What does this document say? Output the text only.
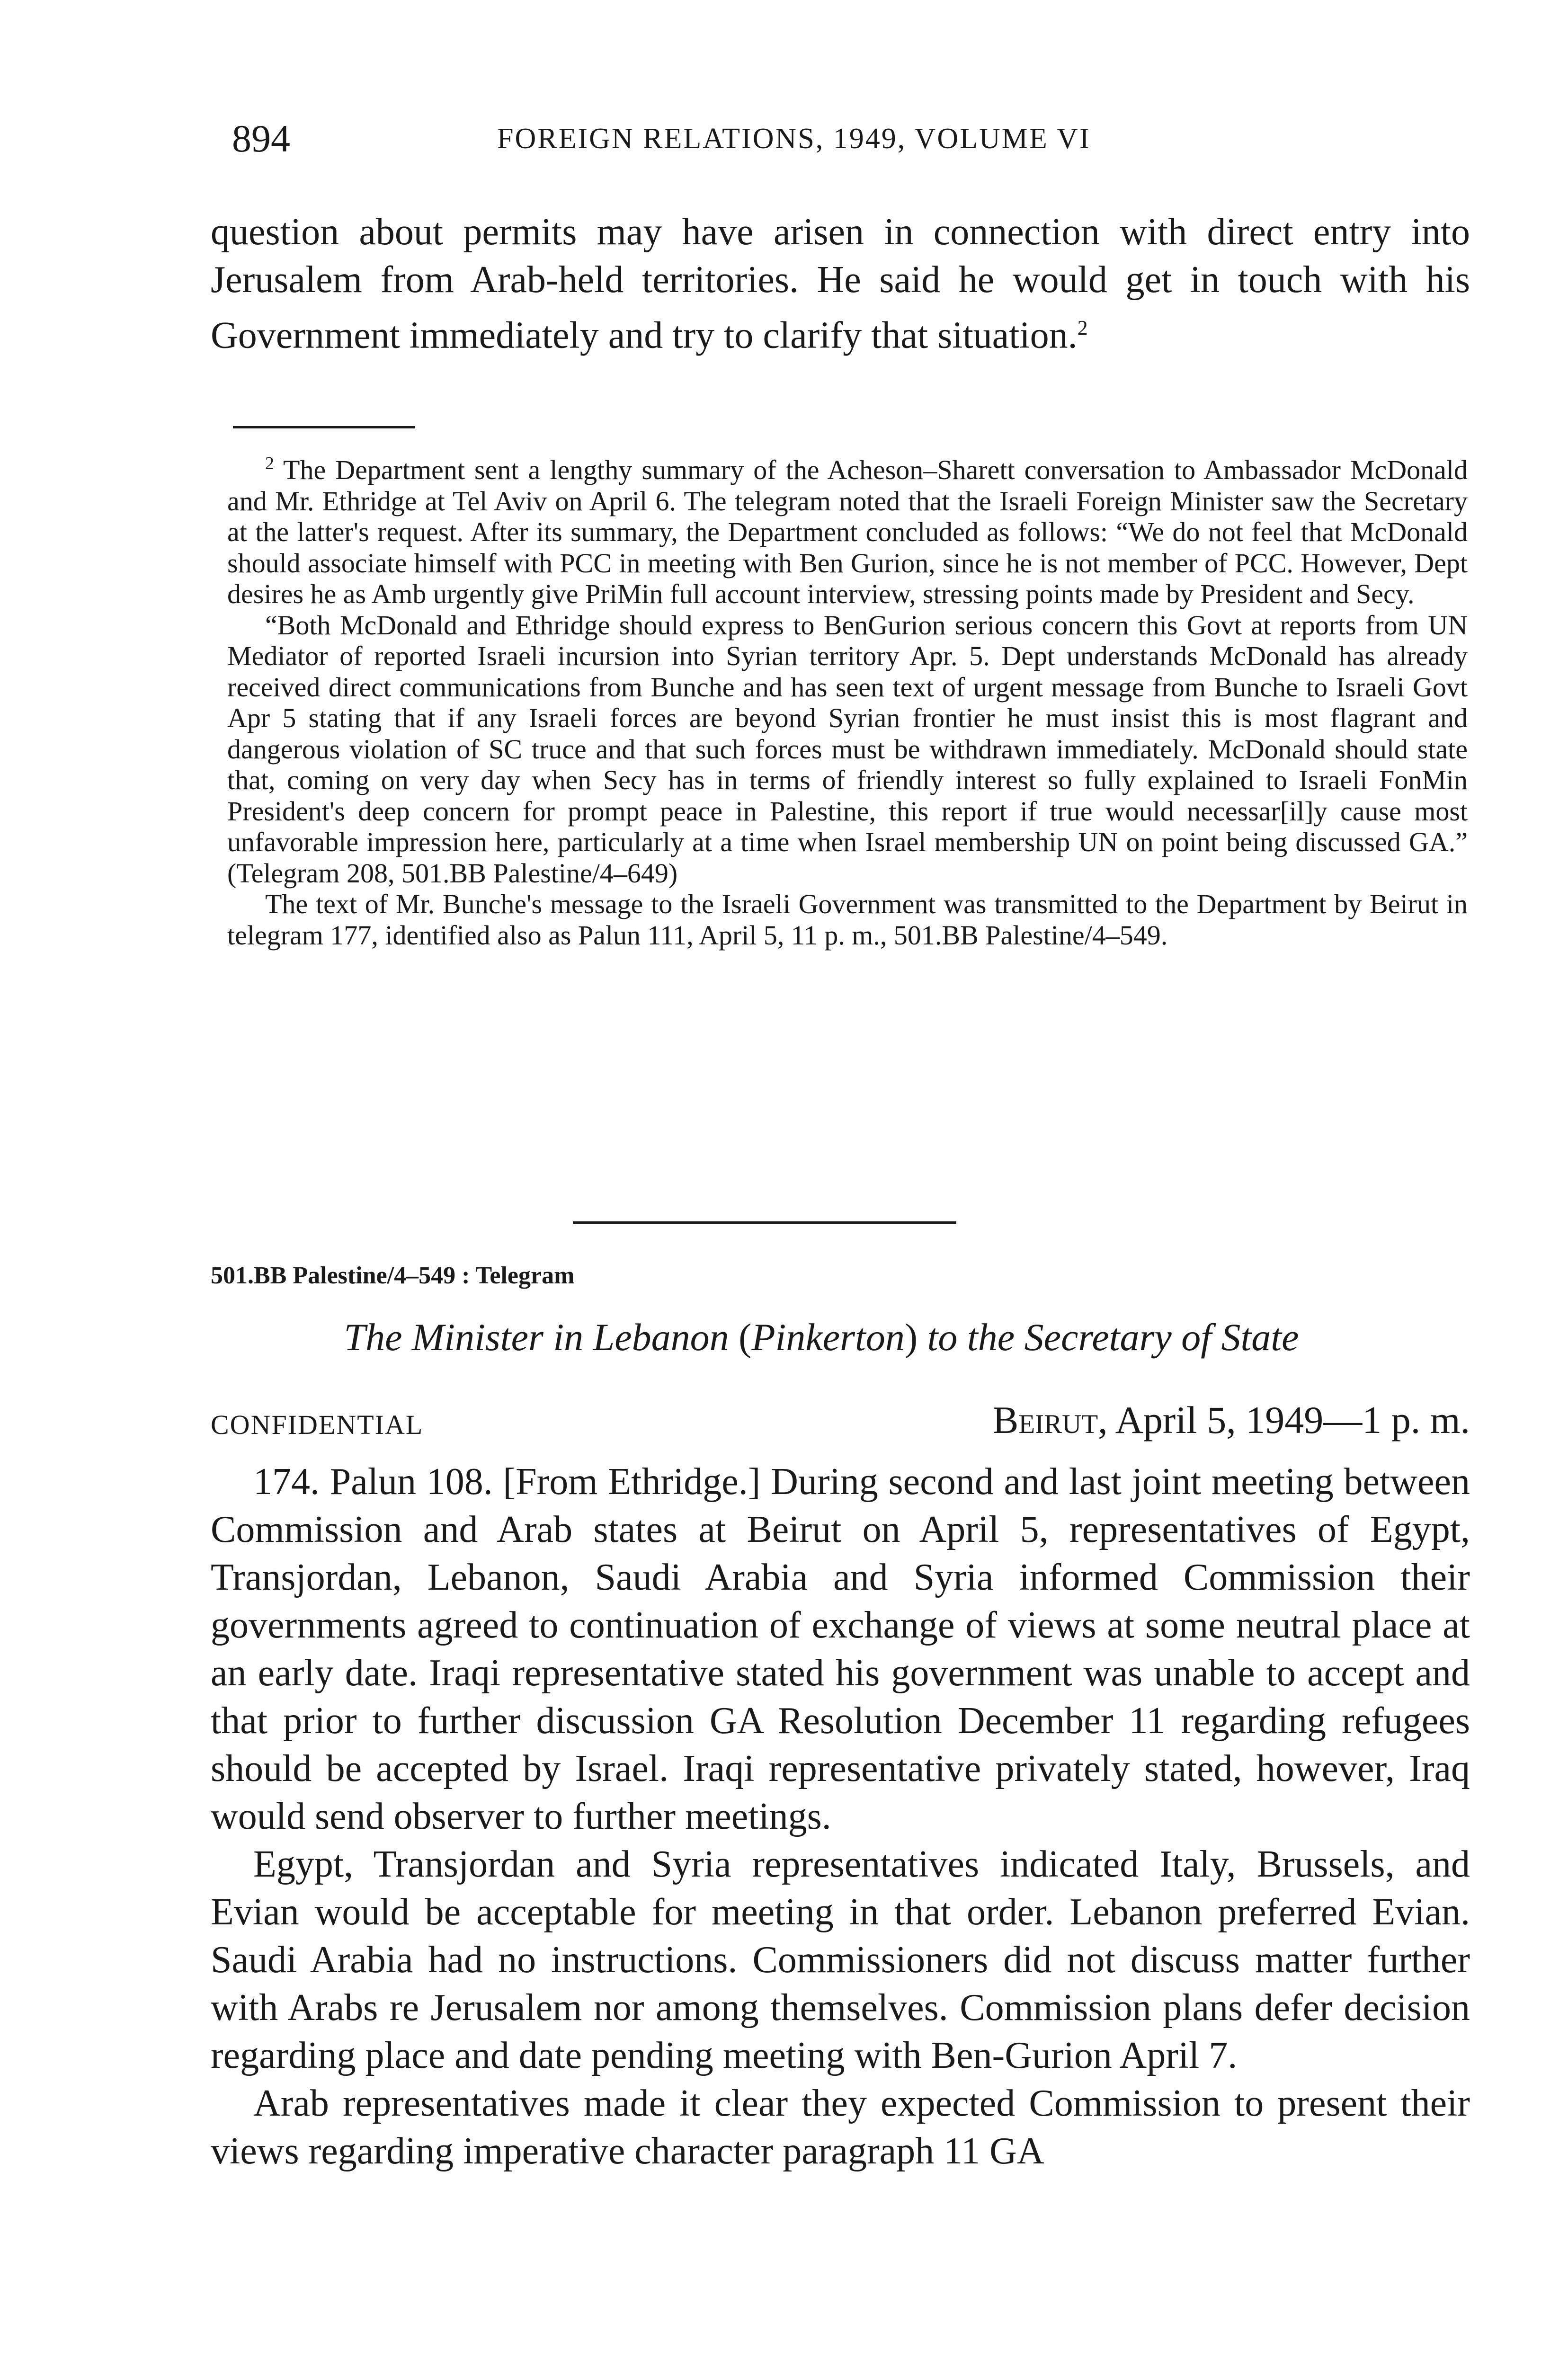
894	FOREIGN RELATIONS, 1949, VOLUME VI

question about permits may have arisen in connection with direct entry into Jerusalem from Arab-held territories. He said he would get in touch with his Government immediately and try to clarify that situation.$^2$

$^2$ The Department sent a lengthy summary of the Acheson–Sharett conversation to Ambassador McDonald and Mr. Ethridge at Tel Aviv on April 6. The telegram noted that the Israeli Foreign Minister saw the Secretary at the latter's request. After its summary, the Department concluded as follows: “We do not feel that McDonald should associate himself with PCC in meeting with Ben Gurion, since he is not member of PCC. However, Dept desires he as Amb urgently give PriMin full account interview, stressing points made by President and Secy.

“Both McDonald and Ethridge should express to BenGurion serious concern this Govt at reports from UN Mediator of reported Israeli incursion into Syrian territory Apr. 5. Dept understands McDonald has already received direct communications from Bunche and has seen text of urgent message from Bunche to Israeli Govt Apr 5 stating that if any Israeli forces are beyond Syrian frontier he must insist this is most flagrant and dangerous violation of SC truce and that such forces must be withdrawn immediately. McDonald should state that, coming on very day when Secy has in terms of friendly interest so fully explained to Israeli FonMin President's deep concern for prompt peace in Palestine, this report if true would necessar[il]y cause most unfavorable impression here, particularly at a time when Israel membership UN on point being discussed GA.” (Telegram 208, 501.BB Palestine/4–649)

The text of Mr. Bunche's message to the Israeli Government was transmitted to the Department by Beirut in telegram 177, identified also as Palun 111, April 5, 11 p. m., 501.BB Palestine/4–549.

501.BB Palestine/4–549 : Telegram
The Minister in Lebanon (Pinkerton) to the Secretary of State
CONFIDENTIAL	Beirut, April 5, 1949—1 p. m.

174. Palun 108. [From Ethridge.] During second and last joint meeting between Commission and Arab states at Beirut on April 5, representatives of Egypt, Transjordan, Lebanon, Saudi Arabia and Syria informed Commission their governments agreed to continuation of exchange of views at some neutral place at an early date. Iraqi representative stated his government was unable to accept and that prior to further discussion GA Resolution December 11 regarding refugees should be accepted by Israel. Iraqi representative privately stated, however, Iraq would send observer to further meetings.

Egypt, Transjordan and Syria representatives indicated Italy, Brussels, and Evian would be acceptable for meeting in that order. Lebanon preferred Evian. Saudi Arabia had no instructions. Commissioners did not discuss matter further with Arabs re Jerusalem nor among themselves. Commission plans defer decision regarding place and date pending meeting with Ben-Gurion April 7.

Arab representatives made it clear they expected Commission to present their views regarding imperative character paragraph 11 GA
